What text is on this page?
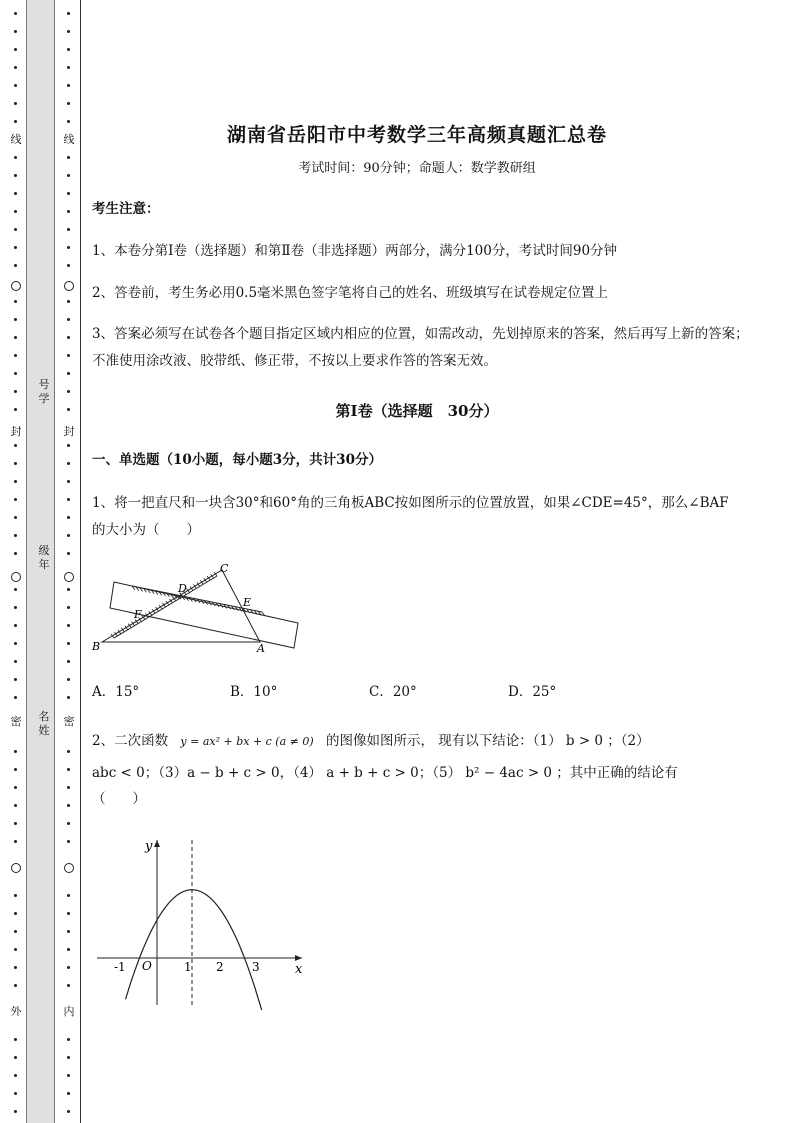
线
封
密
外
号学
级年
名姓
线
封
密
内
湖南省岳阳市中考数学三年高频真题汇总卷
考试时间：90分钟；命题人：数学教研组
考生注意：
1、本卷分第I卷（选择题）和第Ⅱ卷（非选择题）两部分，满分100分，考试时间90分钟
2、答卷前，考生务必用0.5毫米黑色签字笔将自己的姓名、班级填写在试卷规定位置上
3、答案必须写在试卷各个题目指定区域内相应的位置，如需改动，先划掉原来的答案，然后再写上新的答案；不准使用涂改液、胶带纸、修正带，不按以上要求作答的答案无效。
第I卷（选择题　30分）
一、单选题（10小题，每小题3分，共计30分）
1、将一把直尺和一块含30°和60°角的三角板ABC按如图所示的位置放置，如果∠CDE=45°，那么∠BAF的大小为（　　）
C
D
E
F
B	A
A．15°	B．10°	C．20°	D．25°
2、二次函数 y = ax² + bx + c (a ≠ 0) 的图像如图所示， 现有以下结论：（1） b > 0 ；（2）
abc < 0；（3）a − b + c > 0，（4） a + b + c > 0；（5） b² − 4ac > 0 ；其中正确的结论有
（　　）
y
x
O
-1	1 2 3
